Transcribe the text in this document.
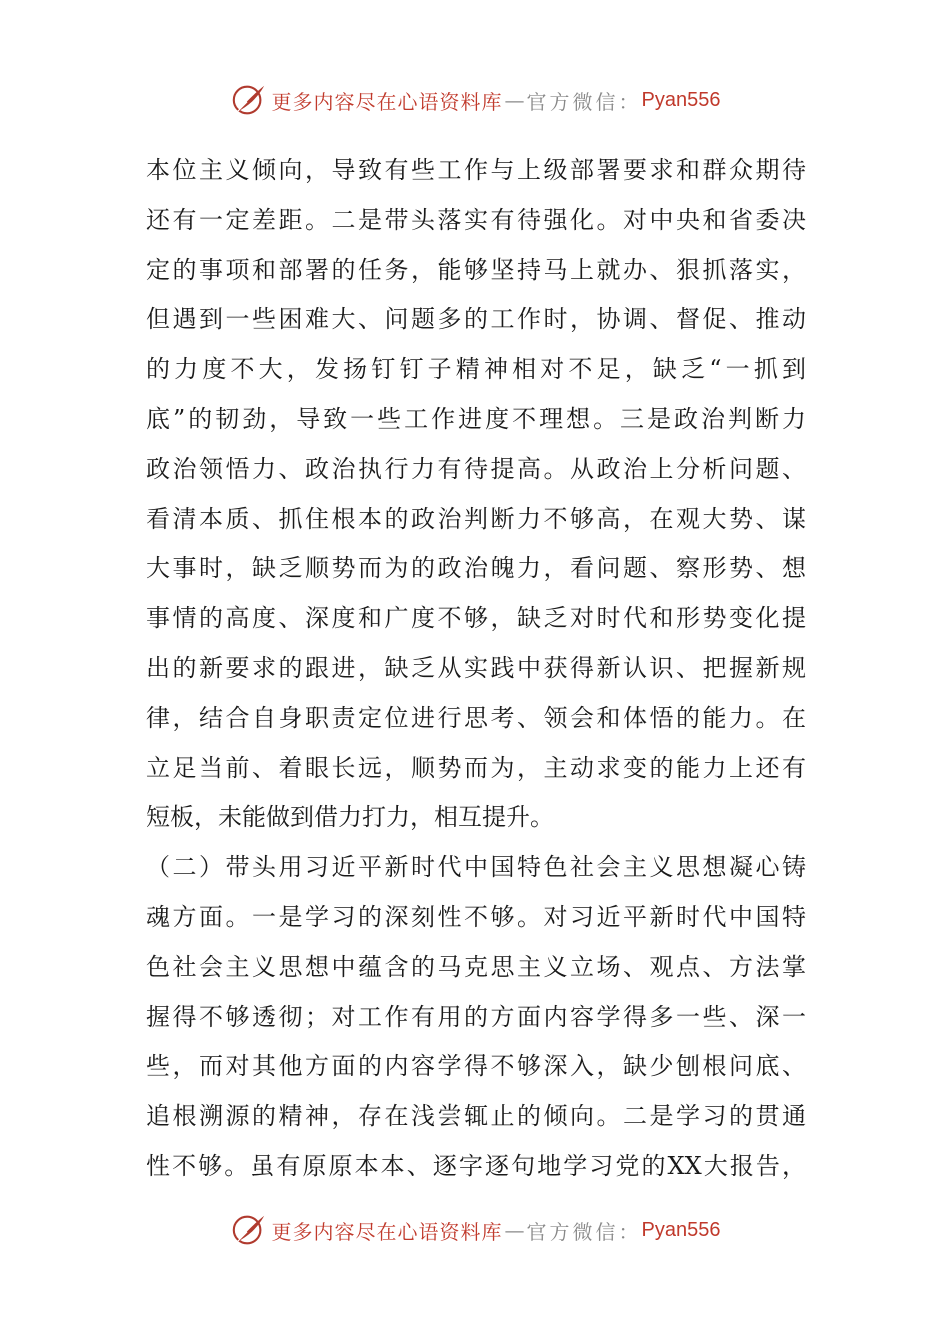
更多内容尽在心语资料库 — 官方微信： Pyan556
本位主义倾向，导致有些工作与上级部署要求和群众期待
还有一定差距。二是带头落实有待强化。对中央和省委决
定的事项和部署的任务，能够坚持马上就办、狠抓落实，
但遇到一些困难大、问题多的工作时，协调、督促、推动
的力度不大，发扬钉钉子精神相对不足，缺乏“一抓到
底”的韧劲，导致一些工作进度不理想。三是政治判断力
政治领悟力、政治执行力有待提高。从政治上分析问题、
看清本质、抓住根本的政治判断力不够高，在观大势、谋
大事时，缺乏顺势而为的政治魄力，看问题、察形势、想
事情的高度、深度和广度不够，缺乏对时代和形势变化提
出的新要求的跟进，缺乏从实践中获得新认识、把握新规
律，结合自身职责定位进行思考、领会和体悟的能力。在
立足当前、着眼长远，顺势而为，主动求变的能力上还有
短板，未能做到借力打力，相互提升。
（二）带头用习近平新时代中国特色社会主义思想凝心铸
魂方面。一是学习的深刻性不够。对习近平新时代中国特
色社会主义思想中蕴含的马克思主义立场、观点、方法掌
握得不够透彻；对工作有用的方面内容学得多一些、深一
些，而对其他方面的内容学得不够深入，缺少刨根问底、
追根溯源的精神，存在浅尝辄止的倾向。二是学习的贯通
性不够。虽有原原本本、逐字逐句地学习党的XX大报告，
更多内容尽在心语资料库 — 官方微信： Pyan556
